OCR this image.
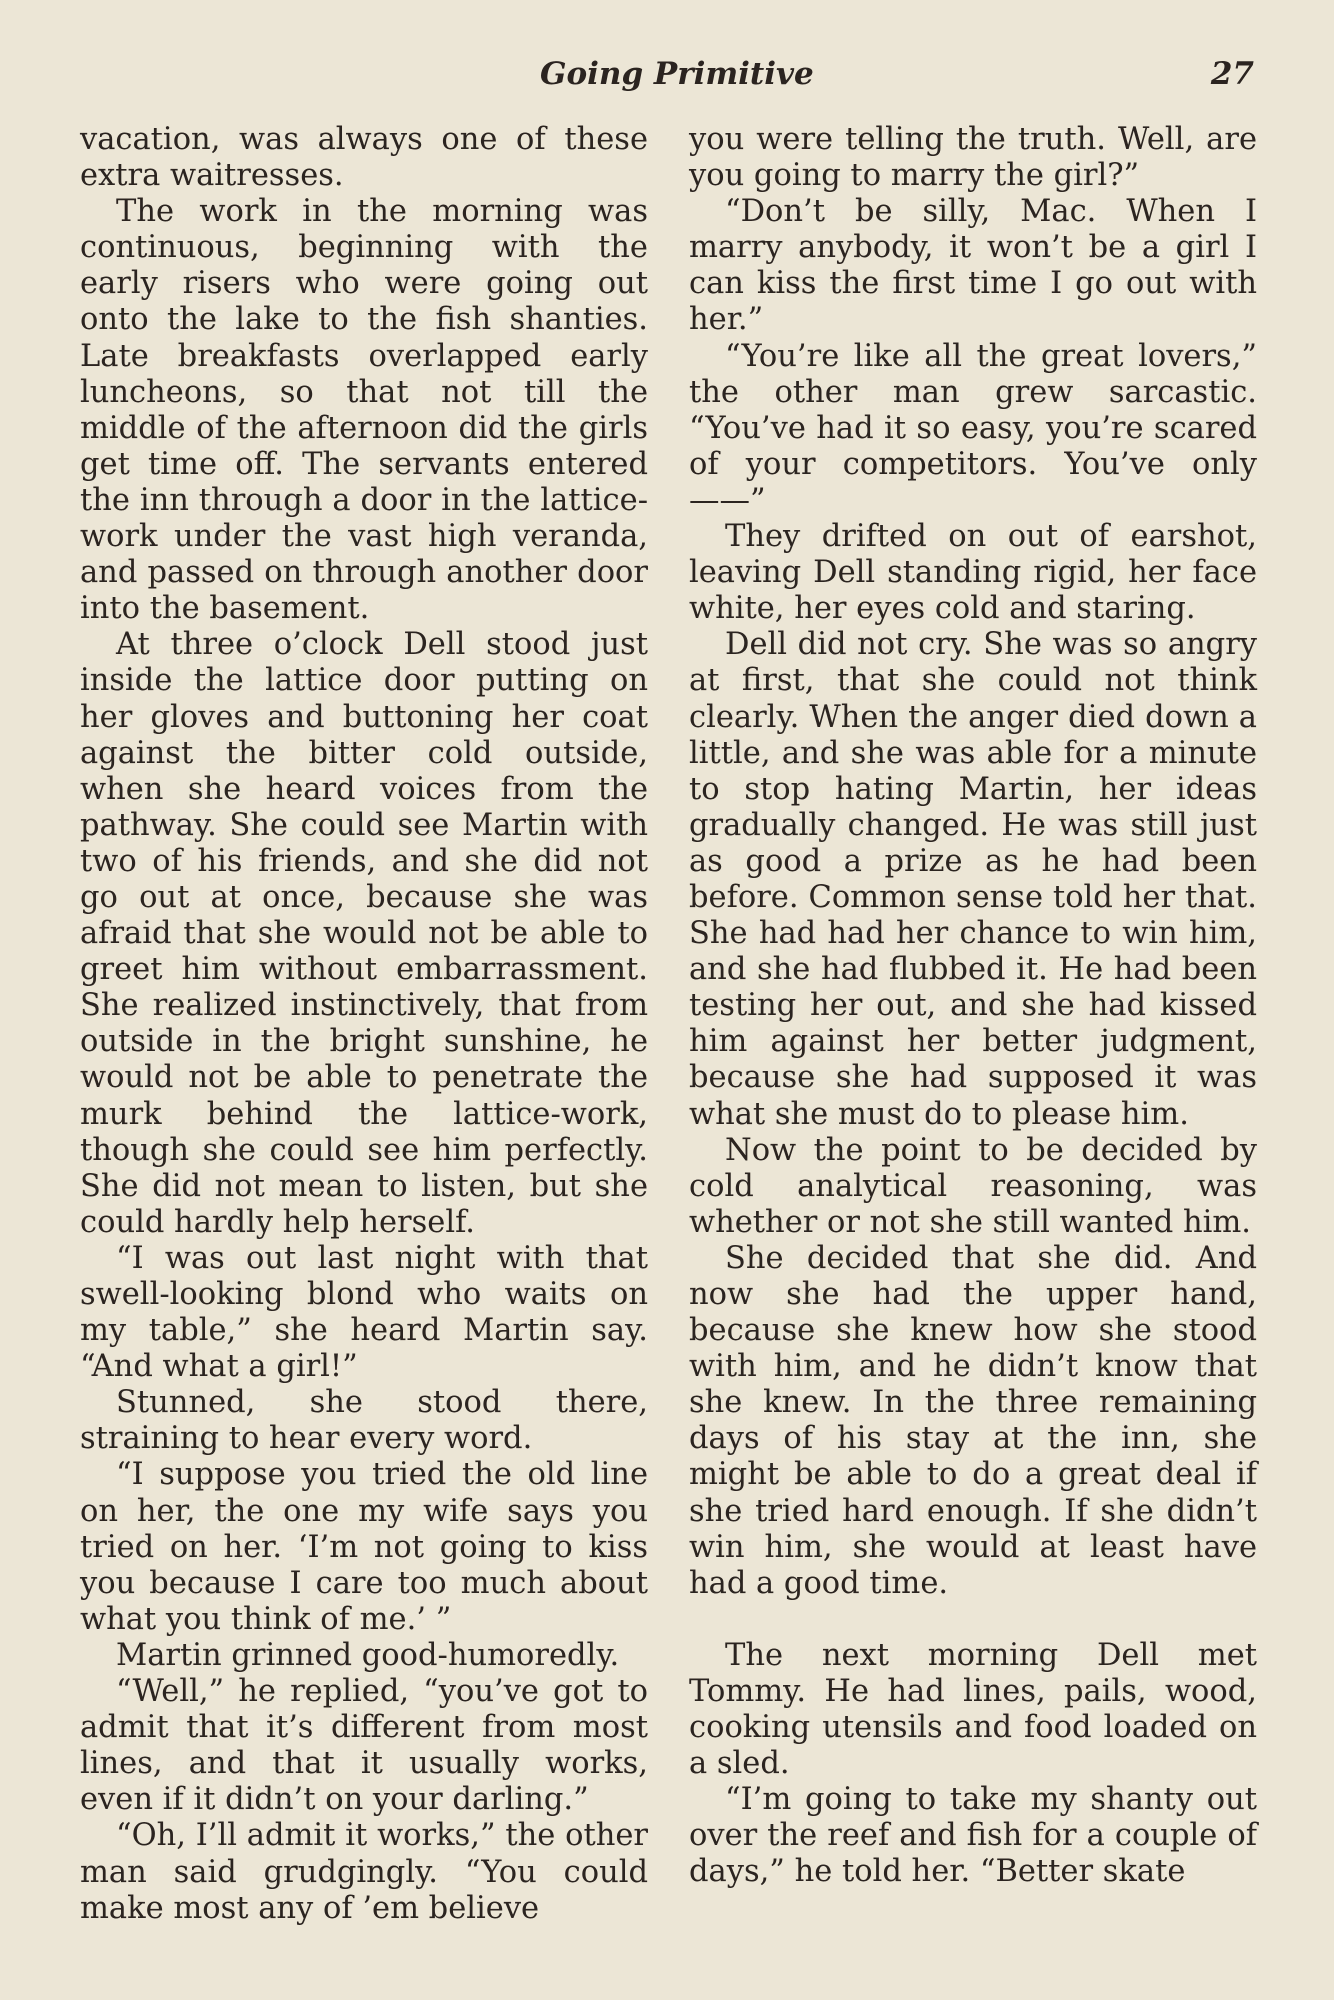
Going Primitive	27

vacation, was always one of these extra waitresses.

The work in the morning was continuous, beginning with the early risers who were going out onto the lake to the fish shanties. Late breakfasts overlapped early luncheons, so that not till the middle of the afternoon did the girls get time off. The servants entered the inn through a door in the lattice-work under the vast high veranda, and passed on through another door into the basement.

At three o’clock Dell stood just inside the lattice door putting on her gloves and buttoning her coat against the bitter cold outside, when she heard voices from the pathway. She could see Martin with two of his friends, and she did not go out at once, because she was afraid that she would not be able to greet him without embarrassment. She realized instinctively, that from outside in the bright sunshine, he would not be able to penetrate the murk behind the lattice-work, though she could see him perfectly. She did not mean to listen, but she could hardly help herself.

“I was out last night with that swell-looking blond who waits on my table,” she heard Martin say. “And what a girl!”

Stunned, she stood there, straining to hear every word.

“I suppose you tried the old line on her, the one my wife says you tried on her. ‘I’m not going to kiss you because I care too much about what you think of me.’ ”

Martin grinned good-humoredly.

“Well,” he replied, “you’ve got to admit that it’s different from most lines, and that it usually works, even if it didn’t on your darling.”

“Oh, I’ll admit it works,” the other man said grudgingly. “You could make most any of ’em believe

you were telling the truth. Well, are you going to marry the girl?”

“Don’t be silly, Mac. When I marry anybody, it won’t be a girl I can kiss the first time I go out with her.”

“You’re like all the great lovers,” the other man grew sarcastic. “You’ve had it so easy, you’re scared of your competitors. You’ve only——”

They drifted on out of earshot, leaving Dell standing rigid, her face white, her eyes cold and staring.

Dell did not cry. She was so angry at first, that she could not think clearly. When the anger died down a little, and she was able for a minute to stop hating Martin, her ideas gradually changed. He was still just as good a prize as he had been before. Common sense told her that. She had had her chance to win him, and she had flubbed it. He had been testing her out, and she had kissed him against her better judgment, because she had supposed it was what she must do to please him.

Now the point to be decided by cold analytical reasoning, was whether or not she still wanted him.

She decided that she did. And now she had the upper hand, because she knew how she stood with him, and he didn’t know that she knew. In the three remaining days of his stay at the inn, she might be able to do a great deal if she tried hard enough. If she didn’t win him, she would at least have had a good time.

The next morning Dell met Tommy. He had lines, pails, wood, cooking utensils and food loaded on a sled.

“I’m going to take my shanty out over the reef and fish for a couple of days,” he told her. “Better skate
